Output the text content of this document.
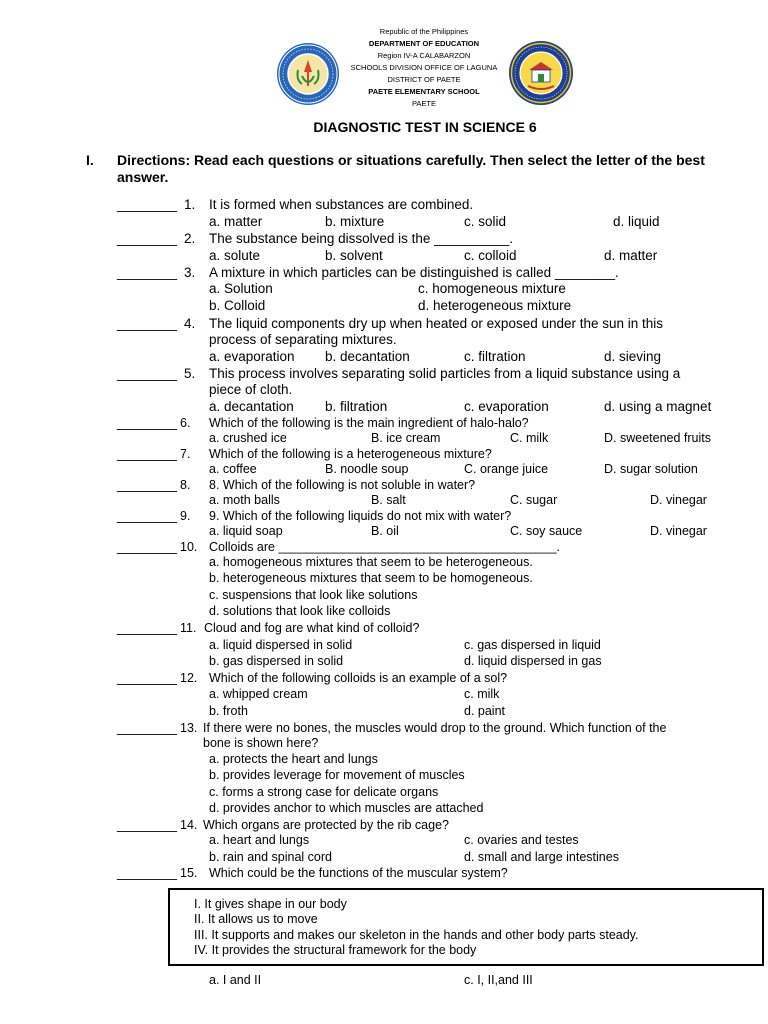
Republic of the Philippines
DEPARTMENT OF EDUCATION
Region IV-A CALABARZON
SCHOOLS DIVISION OFFICE OF LAGUNA
DISTRICT OF PAETE
PAETE ELEMENTARY SCHOOL
PAETE
DIAGNOSTIC TEST IN SCIENCE 6
I. Directions: Read each questions or situations carefully. Then select the letter of the best answer.
________ 1. It is formed when substances are combined.
a. matter	b. mixture	c. solid	d. liquid
________ 2. The substance being dissolved is the __________.
a. solute	b. solvent	c. colloid	d. matter
________ 3. A mixture in which particles can be distinguished is called ________.
a. Solution	c. homogeneous mixture
b. Colloid	d. heterogeneous mixture
________ 4. The liquid components dry up when heated or exposed under the sun in this
process of separating mixtures.
a. evaporation b. decantation	c. filtration	d. sieving
________ 5. This process involves separating solid particles from a liquid substance using a
piece of cloth.
a. decantation b. filtration	c. evaporation	d. using a magnet
________ 6. Which of the following is the main ingredient of halo-halo?
a. crushed ice	B. ice cream	C. milk	D. sweetened fruits
________ 7. Which of the following is a heterogeneous mixture?
a. coffee	B. noodle soup	C. orange juice	D. sugar solution
________ 8. 8. Which of the following is not soluble in water?
a. moth balls	B. salt	C. sugar	D. vinegar
________ 9. 9. Which of the following liquids do not mix with water?
a. liquid soap	B. oil	C. soy sauce	D. vinegar
________ 10. Colloids are ________________________________________.
a. homogeneous mixtures that seem to be heterogeneous.
b. heterogeneous mixtures that seem to be homogeneous.
c. suspensions that look like solutions
d. solutions that look like colloids
________ 11. Cloud and fog are what kind of colloid?
a. liquid dispersed in solid	c. gas dispersed in liquid
b. gas dispersed in solid	d. liquid dispersed in gas
________ 12. Which of the following colloids is an example of a sol?
a. whipped cream	c. milk
b. froth	d. paint
________ 13. If there were no bones, the muscles would drop to the ground. Which function of the
bone is shown here?
a. protects the heart and lungs
b. provides leverage for movement of muscles
c. forms a strong case for delicate organs
d. provides anchor to which muscles are attached
________ 14. Which organs are protected by the rib cage?
a. heart and lungs	c. ovaries and testes
b. rain and spinal cord	d. small and large intestines
________ 15. Which could be the functions of the muscular system?
I. It gives shape in our body
II. It allows us to move
III. It supports and makes our skeleton in the hands and other body parts steady.
IV. It provides the structural framework for the body
a. I and II	c. I, II,and III
